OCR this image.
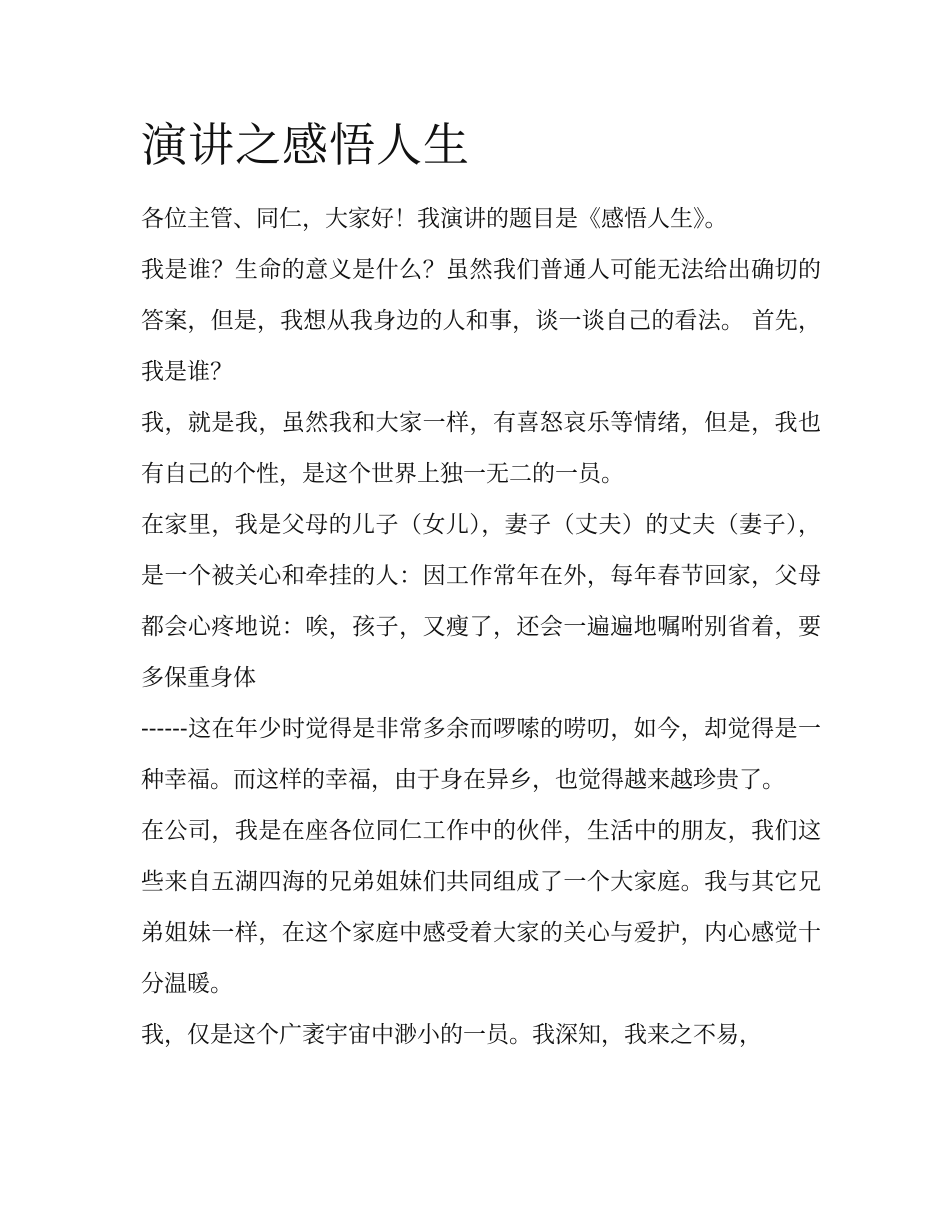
演讲之感悟人生

各位主管、同仁，大家好！我演讲的题目是《感悟人生》。

我是谁？生命的意义是什么？虽然我们普通人可能无法给出确切的答案，但是，我想从我身边的人和事，谈一谈自己的看法。 首先，我是谁？

我，就是我，虽然我和大家一样，有喜怒哀乐等情绪，但是，我也有自己的个性，是这个世界上独一无二的一员。

在家里，我是父母的儿子（女儿），妻子（丈夫）的丈夫（妻子），是一个被关心和牵挂的人：因工作常年在外，每年春节回家，父母都会心疼地说：唉，孩子，又瘦了，还会一遍遍地嘱咐别省着，要多保重身体

------这在年少时觉得是非常多余而啰嗦的唠叨，如今，却觉得是一种幸福。而这样的幸福，由于身在异乡，也觉得越来越珍贵了。

在公司，我是在座各位同仁工作中的伙伴，生活中的朋友，我们这些来自五湖四海的兄弟姐妹们共同组成了一个大家庭。我与其它兄弟姐妹一样，在这个家庭中感受着大家的关心与爱护，内心感觉十分温暖。

我，仅是这个广袤宇宙中渺小的一员。我深知，我来之不易，
